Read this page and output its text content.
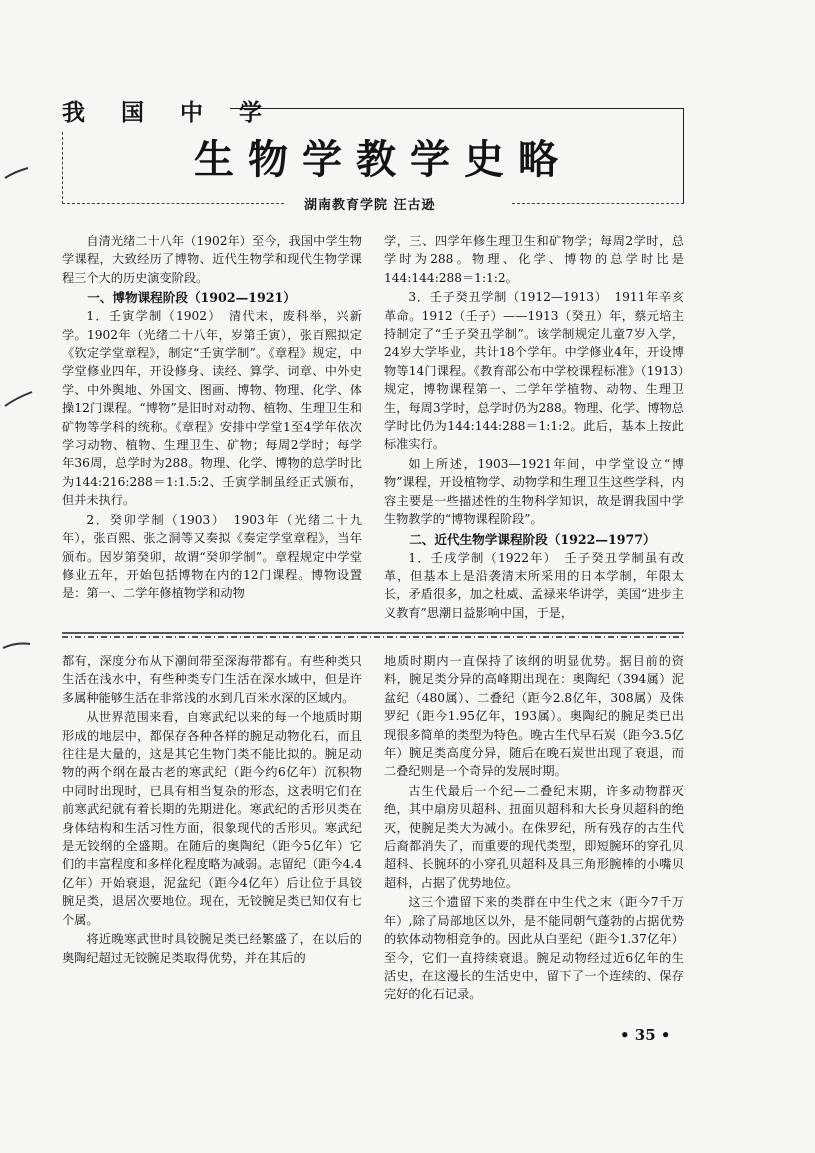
我 国 中 学
生物学教学史略
湖南教育学院 汪古逊

自清光绪二十八年（1902年）至今，我国中学生物学课程，大致经历了博物、近代生物学和现代生物学课程三个大的历史演变阶段。

一、博物课程阶段（1902—1921）

1．壬寅学制（1902）　清代末，废科举，兴新学。1902年（光绪二十八年，岁第壬寅），张百熙拟定《钦定学堂章程》，制定“壬寅学制”。《章程》规定，中学堂修业四年，开设修身、读经、算学、词章、中外史学、中外舆地、外国文、图画、博物、物理、化学、体操12门课程。“博物”是旧时对动物、植物、生理卫生和矿物等学科的统称。《章程》安排中学堂1至4学年依次学习动物、植物、生理卫生、矿物；每周2学时；每学年36周，总学时为288。物理、化学、博物的总学时比为144:216:288＝1:1.5:2、壬寅学制虽经正式颁布，但并未执行。

2．癸卯学制（1903）　1903年（光绪二十九年），张百熙、张之洞等又奏拟《奏定学堂章程》，当年颁布。因岁第癸卯，故谓“癸卯学制”。章程规定中学堂修业五年，开始包括博物在内的12门课程。博物设置是：第一、二学年修植物学和动物

学，三、四学年修生理卫生和矿物学；每周2学时，总学时为288。物理、化学、博物的总学时比是144:144:288＝1:1:2。

3．壬子癸丑学制（1912—1913）　1911年辛亥革命。1912（壬子）——1913（癸丑）年，蔡元培主持制定了“壬子癸丑学制”。该学制规定儿童7岁入学，24岁大学毕业，共计18个学年。中学修业4年，开设博物等14门课程。《教育部公布中学校课程标准》（1913）规定，博物课程第一、二学年学植物、动物、生理卫生，每周3学时，总学时仍为288。物理、化学、博物总学时比仍为144:144:288＝1:1:2。此后，基本上按此标准实行。

如上所述，1903—1921年间，中学堂设立“博物”课程，开设植物学、动物学和生理卫生这些学科，内容主要是一些描述性的生物科学知识，故是谓我国中学生物教学的“博物课程阶段”。

二、近代生物学课程阶段（1922—1977）

1．壬戌学制（1922年）　壬子癸丑学制虽有改革，但基本上是沿袭清末所采用的日本学制，年限太长，矛盾很多，加之杜威、孟禄来华讲学，美国“进步主义教育”思潮日益影响中国，于是，

都有，深度分布从下潮间带至深海带都有。有些种类只生活在浅水中，有些种类专门生活在深水域中，但是许多属种能够生活在非常浅的水到几百米水深的区域内。

从世界范围来看，自寒武纪以来的每一个地质时期形成的地层中，都保存各种各样的腕足动物化石，而且往往是大量的，这是其它生物门类不能比拟的。腕足动物的两个纲在最古老的寒武纪（距今约6亿年）沉积物中同时出现时，已具有相当复杂的形态，这表明它们在前寒武纪就有着长期的先期进化。寒武纪的舌形贝类在身体结构和生活习性方面，很象现代的舌形贝。寒武纪是无铰纲的全盛期。在随后的奥陶纪（距今5亿年）它们的丰富程度和多样化程度略为减弱。志留纪（距今4.4亿年）开始衰退，泥盆纪（距今4亿年）后让位于具铰腕足类，退居次要地位。现在，无铰腕足类已知仅有七个属。

将近晚寒武世时具铰腕足类已经繁盛了，在以后的奥陶纪超过无铰腕足类取得优势，并在其后的

地质时期内一直保持了该纲的明显优势。据目前的资料，腕足类分异的高峰期出现在：奥陶纪（394属）泥盆纪（480属）、二叠纪（距今2.8亿年，308属）及侏罗纪（距今1.95亿年，193属）。奥陶纪的腕足类已出现很多简单的类型为特色。晚古生代早石炭（距今3.5亿年）腕足类高度分异，随后在晚石炭世出现了衰退，而二叠纪则是一个奇异的发展时期。

古生代最后一个纪—二叠纪末期，许多动物群灭绝，其中扇房贝超科、扭面贝超科和大长身贝超科的绝灭，使腕足类大为减小。在侏罗纪，所有残存的古生代后裔都消失了，而重要的现代类型，即短腕环的穿孔贝超科、长腕环的小穿孔贝超科及具三角形腕棒的小嘴贝超科，占据了优势地位。

这三个遗留下来的类群在中生代之末（距今7千万年）,除了局部地区以外，是不能同朝气蓬勃的占据优势的软体动物相竞争的。因此从白垩纪（距今1.37亿年）至今，它们一直持续衰退。腕足动物经过近6亿年的生活史，在这漫长的生活史中，留下了一个连续的、保存完好的化石记录。

• 35 •
